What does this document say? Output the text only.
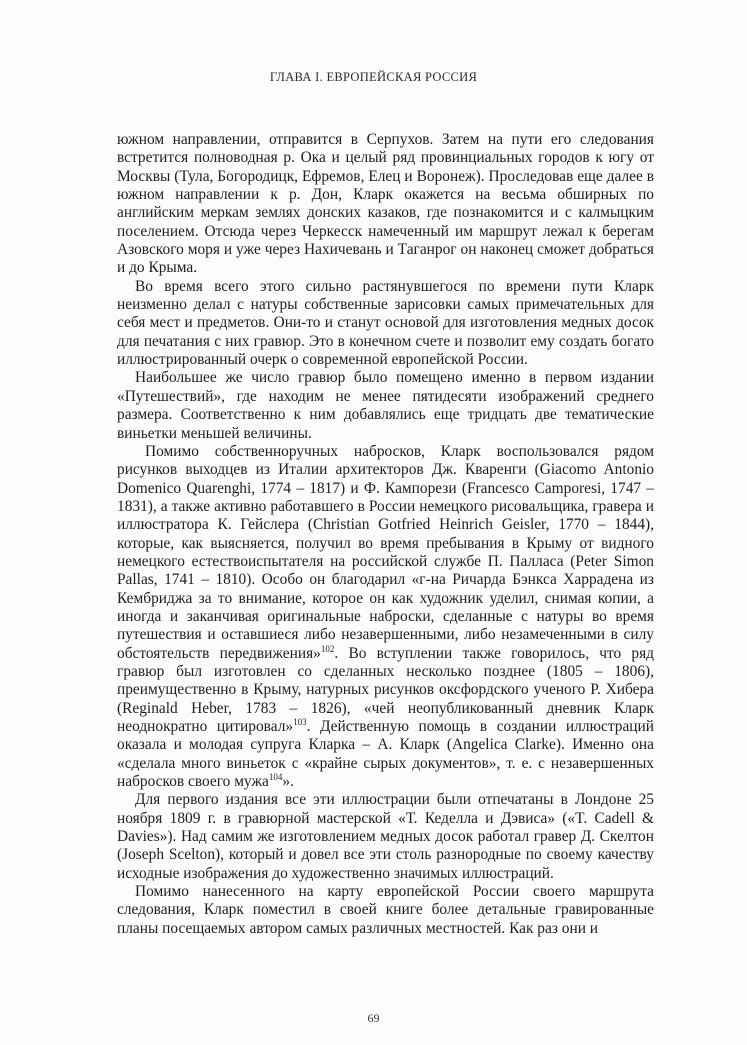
ГЛАВА I. ЕВРОПЕЙСКАЯ РОССИЯ

южном направлении, отправится в Серпухов. Затем на пути его следования встретится полноводная р. Ока и целый ряд провинциальных городов к югу от Москвы (Тула, Богородицк, Ефремов, Елец и Воронеж). Проследовав еще далее в южном направлении к р. Дон, Кларк окажется на весьма обширных по английским меркам землях донских казаков, где познакомится и с калмыцким поселением. Отсюда через Черкесск намеченный им маршрут лежал к берегам Азовского моря и уже через Нахичевань и Таганрог он наконец сможет добраться и до Крыма.

Во время всего этого сильно растянувшегося по времени пути Кларк неизменно делал с натуры собственные зарисовки самых примечательных для себя мест и предметов. Они-то и станут основой для изготовления медных досок для печатания с них гравюр. Это в конечном счете и позволит ему создать богато иллюстрированный очерк о современной европейской России.

Наибольшее же число гравюр было помещено именно в первом издании «Путешествий», где находим не менее пятидесяти изображений среднего размера. Соответственно к ним добавлялись еще тридцать две тематические виньетки меньшей величины.

Помимо собственноручных набросков, Кларк воспользовался рядом рисунков выходцев из Италии архитекторов Дж. Кваренги (Giacomo Antonio Domenico Quarenghi, 1774 – 1817) и Ф. Кампорези (Francesco Camporesi, 1747 – 1831), а также активно работавшего в России немецкого рисовальщика, гравера и иллюстратора К. Гейслера (Christian Gotfried Heinrich Geisler, 1770 – 1844), которые, как выясняется, получил во время пребывания в Крыму от видного немецкого естествоиспытателя на российской службе П. Палласа (Peter Simon Pallas, 1741 – 1810). Особо он благодарил «г-на Ричарда Бэнкса Харрадена из Кембриджа за то внимание, которое он как художник уделил, снимая копии, а иногда и заканчивая оригинальные наброски, сделанные с натуры во время путешествия и оставшиеся либо незавершенными, либо незамеченными в силу обстоятельств передвижения»$^{102}$. Во вступлении также говорилось, что ряд гравюр был изготовлен со сделанных несколько позднее (1805 – 1806), преимущественно в Крыму, натурных рисунков оксфордского ученого Р. Хибера (Reginald Heber, 1783 – 1826), «чей неопубликованный дневник Кларк неоднократно цитировал»$^{103}$. Действенную помощь в создании иллюстраций оказала и молодая супруга Кларка – А. Кларк (Angelica Clarke). Именно она «сделала много виньеток с «крайне сырых документов», т. е. с незавершенных набросков своего мужа$^{104}$».

Для первого издания все эти иллюстрации были отпечатаны в Лондоне 25 ноября 1809 г. в гравюрной мастерской «Т. Кеделла и Дэвиса» («T. Cadell & Davies»). Над самим же изготовлением медных досок работал гравер Д. Скелтон (Joseph Scelton), который и довел все эти столь разнородные по своему качеству исходные изображения до художественно значимых иллюстраций.

Помимо нанесенного на карту европейской России своего маршрута следования, Кларк поместил в своей книге более детальные гравированные планы посещаемых автором самых различных местностей. Как раз они и

69
